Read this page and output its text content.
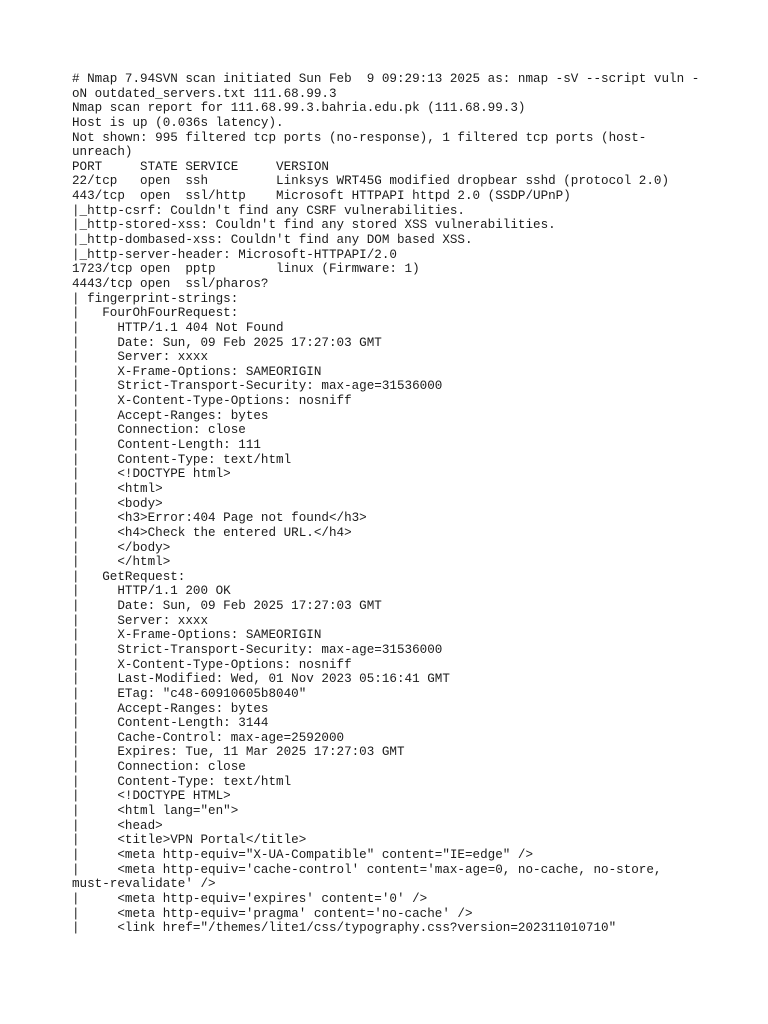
# Nmap 7.94SVN scan initiated Sun Feb  9 09:29:13 2025 as: nmap -sV --script vuln -
oN outdated_servers.txt 111.68.99.3
Nmap scan report for 111.68.99.3.bahria.edu.pk (111.68.99.3)
Host is up (0.036s latency).
Not shown: 995 filtered tcp ports (no-response), 1 filtered tcp ports (host-
unreach)
PORT     STATE SERVICE     VERSION
22/tcp   open  ssh         Linksys WRT45G modified dropbear sshd (protocol 2.0)
443/tcp  open  ssl/http    Microsoft HTTPAPI httpd 2.0 (SSDP/UPnP)
|_http-csrf: Couldn't find any CSRF vulnerabilities.
|_http-stored-xss: Couldn't find any stored XSS vulnerabilities.
|_http-dombased-xss: Couldn't find any DOM based XSS.
|_http-server-header: Microsoft-HTTPAPI/2.0
1723/tcp open  pptp        linux (Firmware: 1)
4443/tcp open  ssl/pharos?
| fingerprint-strings:
|   FourOhFourRequest:
|     HTTP/1.1 404 Not Found
|     Date: Sun, 09 Feb 2025 17:27:03 GMT
|     Server: xxxx
|     X-Frame-Options: SAMEORIGIN
|     Strict-Transport-Security: max-age=31536000
|     X-Content-Type-Options: nosniff
|     Accept-Ranges: bytes
|     Connection: close
|     Content-Length: 111
|     Content-Type: text/html
|     <!DOCTYPE html>
|     <html>
|     <body>
|     <h3>Error:404 Page not found</h3>
|     <h4>Check the entered URL.</h4>
|     </body>
|     </html>
|   GetRequest:
|     HTTP/1.1 200 OK
|     Date: Sun, 09 Feb 2025 17:27:03 GMT
|     Server: xxxx
|     X-Frame-Options: SAMEORIGIN
|     Strict-Transport-Security: max-age=31536000
|     X-Content-Type-Options: nosniff
|     Last-Modified: Wed, 01 Nov 2023 05:16:41 GMT
|     ETag: "c48-60910605b8040"
|     Accept-Ranges: bytes
|     Content-Length: 3144
|     Cache-Control: max-age=2592000
|     Expires: Tue, 11 Mar 2025 17:27:03 GMT
|     Connection: close
|     Content-Type: text/html
|     <!DOCTYPE HTML>
|     <html lang="en">
|     <head>
|     <title>VPN Portal</title>
|     <meta http-equiv="X-UA-Compatible" content="IE=edge" />
|     <meta http-equiv='cache-control' content='max-age=0, no-cache, no-store,
must-revalidate' />
|     <meta http-equiv='expires' content='0' />
|     <meta http-equiv='pragma' content='no-cache' />
|     <link href="/themes/lite1/css/typography.css?version=202311010710"
